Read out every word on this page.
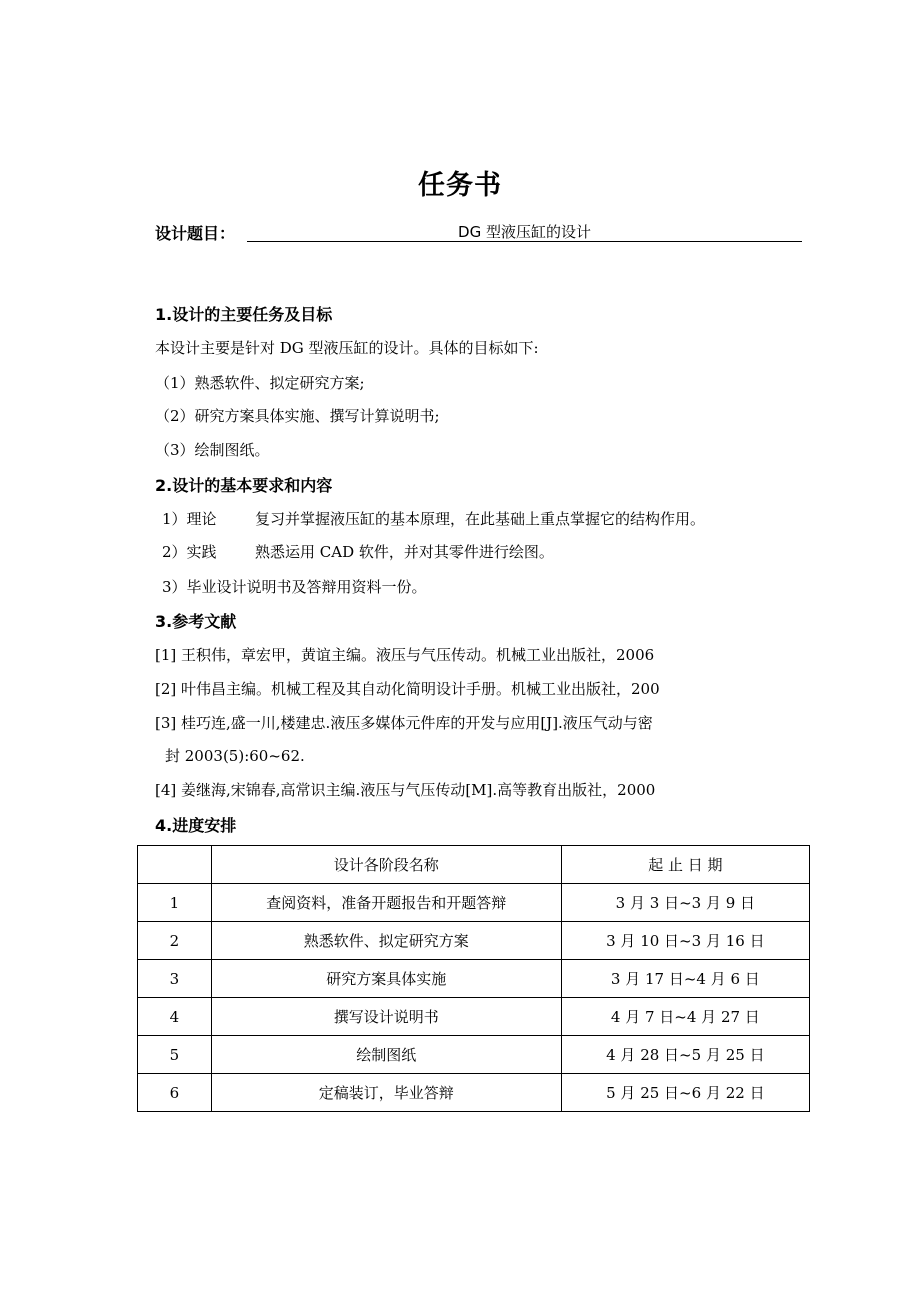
任务书
设计题目：	DG 型液压缸的设计
1.设计的主要任务及目标
本设计主要是针对 DG 型液压缸的设计。具体的目标如下:
（1）熟悉软件、拟定研究方案;
（2）研究方案具体实施、撰写计算说明书;
（3）绘制图纸。
2.设计的基本要求和内容
1）理论	复习并掌握液压缸的基本原理，在此基础上重点掌握它的结构作用。
2）实践	熟悉运用 CAD 软件，并对其零件进行绘图。
3）毕业设计说明书及答辩用资料一份。
3.参考文献
[1] 王积伟，章宏甲，黄谊主编。液压与气压传动。机械工业出版社，2006
[2] 叶伟昌主编。机械工程及其自动化简明设计手册。机械工业出版社，200
[3] 桂巧连,盛一川,楼建忠.液压多媒体元件库的开发与应用[J].液压气动与密
封 2003(5):60~62.
[4] 姜继海,宋锦春,高常识主编.液压与气压传动[M].高等教育出版社，2000
4.进度安排
	设计各阶段名称	起 止 日 期
1	查阅资料，准备开题报告和开题答辩	3 月 3 日~3 月 9 日
2	熟悉软件、拟定研究方案	3 月 10 日~3 月 16 日
3	研究方案具体实施	3 月 17 日~4 月 6 日
4	撰写设计说明书	4 月 7 日~4 月 27 日
5	绘制图纸	4 月 28 日~5 月 25 日
6	定稿装订，毕业答辩	5 月 25 日~6 月 22 日
